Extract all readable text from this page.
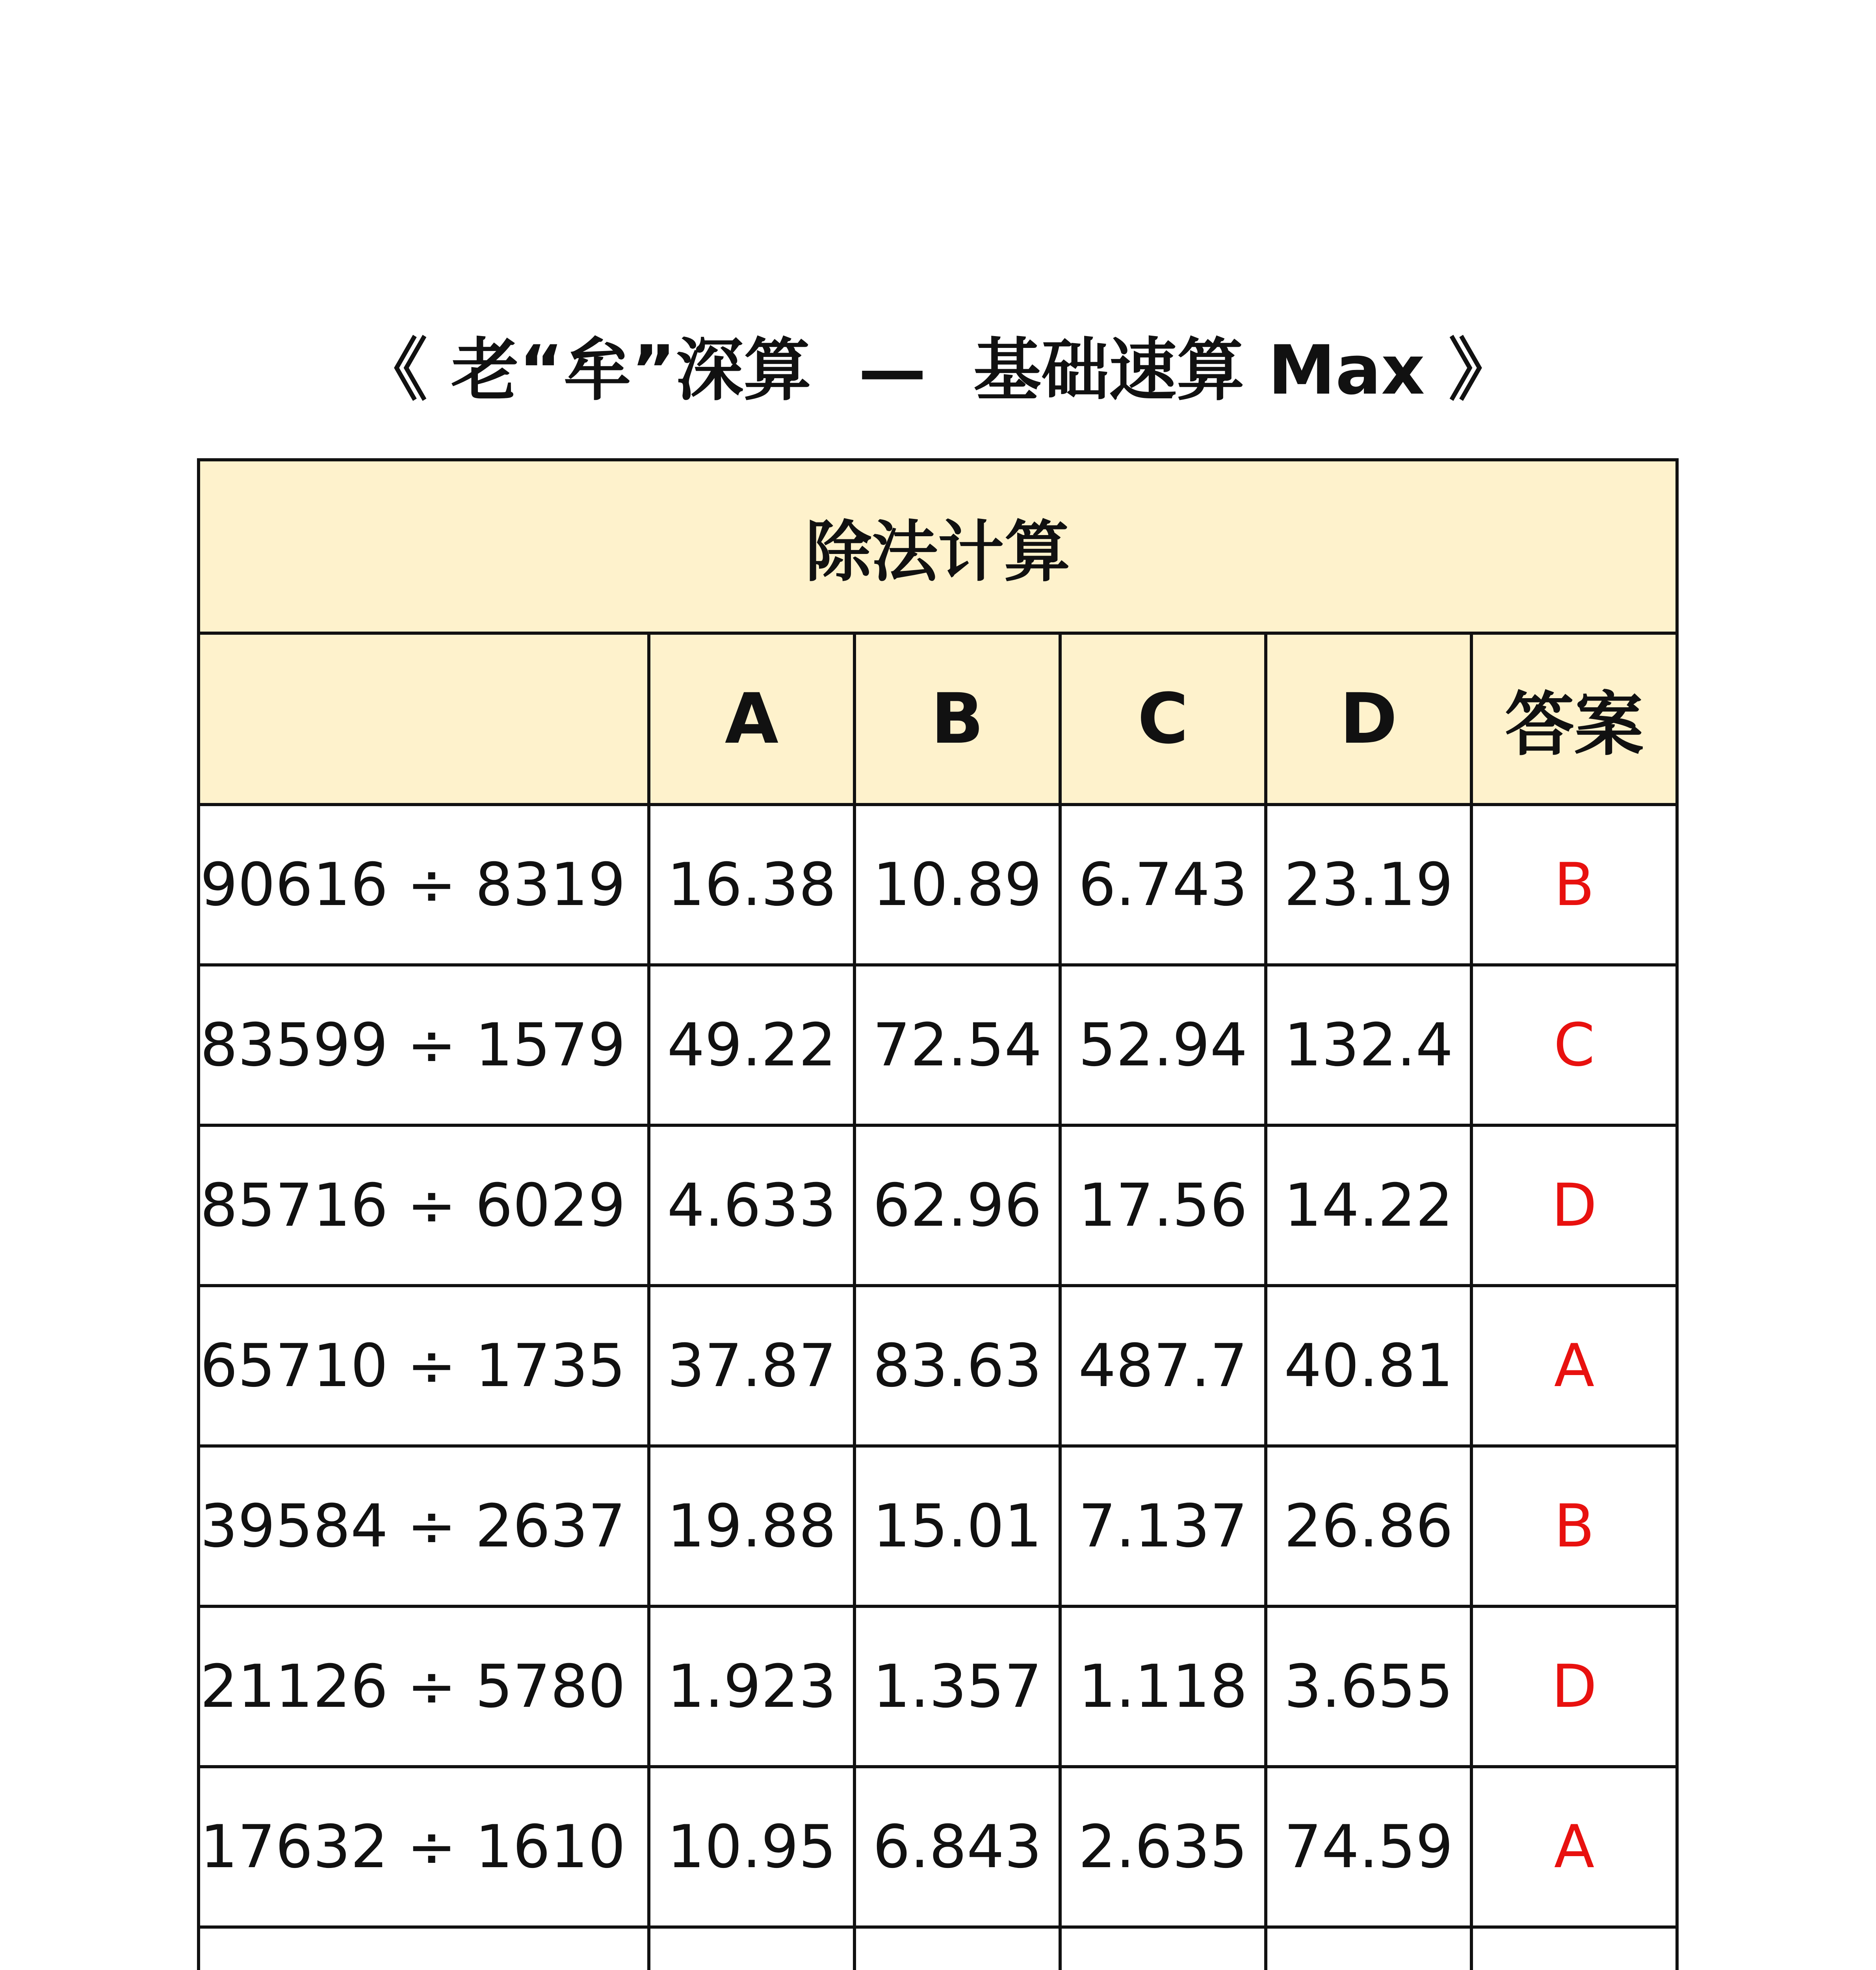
《 老“牟”深算  —  基础速算 Max 》
除法计算					
	A	B	C	D	答案
90616 ÷ 8319	16.38	10.89	6.743	23.19	B
83599 ÷ 1579	49.22	72.54	52.94	132.4	C
85716 ÷ 6029	4.633	62.96	17.56	14.22	D
65710 ÷ 1735	37.87	83.63	487.7	40.81	A
39584 ÷ 2637	19.88	15.01	7.137	26.86	B
21126 ÷ 5780	1.923	1.357	1.118	3.655	D
17632 ÷ 1610	10.95	6.843	2.635	74.59	A
